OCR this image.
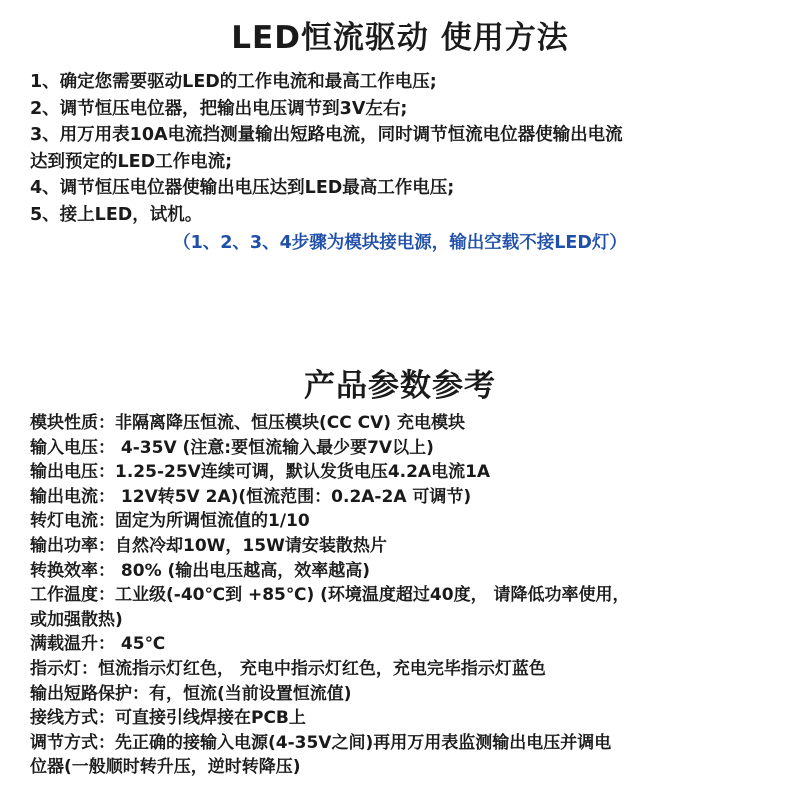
LED恒流驱动 使用方法
1、确定您需要驱动LED的工作电流和最高工作电压;
2、调节恒压电位器，把输出电压调节到3V左右;
3、用万用表10A电流挡测量输出短路电流，同时调节恒流电位器使输出电流
达到预定的LED工作电流;
4、调节恒压电位器使输出电压达到LED最高工作电压;
5、接上LED，试机。
（1、2、3、4步骤为模块接电源，输出空载不接LED灯）
产品参数参考
模块性质：非隔离降压恒流、恒压模块(CC CV) 充电模块
输入电压： 4-35V (注意:要恒流输入最少要7V以上)
输出电压：1.25-25V连续可调，默认发货电压4.2A电流1A
输出电流： 12V转5V 2A)(恒流范围：0.2A-2A 可调节)
转灯电流：固定为所调恒流值的1/10
输出功率：自然冷却10W，15W请安装散热片
转换效率： 80% (输出电压越高，效率越高)
工作温度：工业级(-40℃到 +85℃) (环境温度超过40度， 请降低功率使用，
或加强散热)
满载温升： 45℃
指示灯：恒流指示灯红色， 充电中指示灯红色，充电完毕指示灯蓝色
输出短路保护：有，恒流(当前设置恒流值)
接线方式：可直接引线焊接在PCB上
调节方式：先正确的接输入电源(4-35V之间)再用万用表监测输出电压并调电
位器(一般顺时转升压，逆时转降压)
